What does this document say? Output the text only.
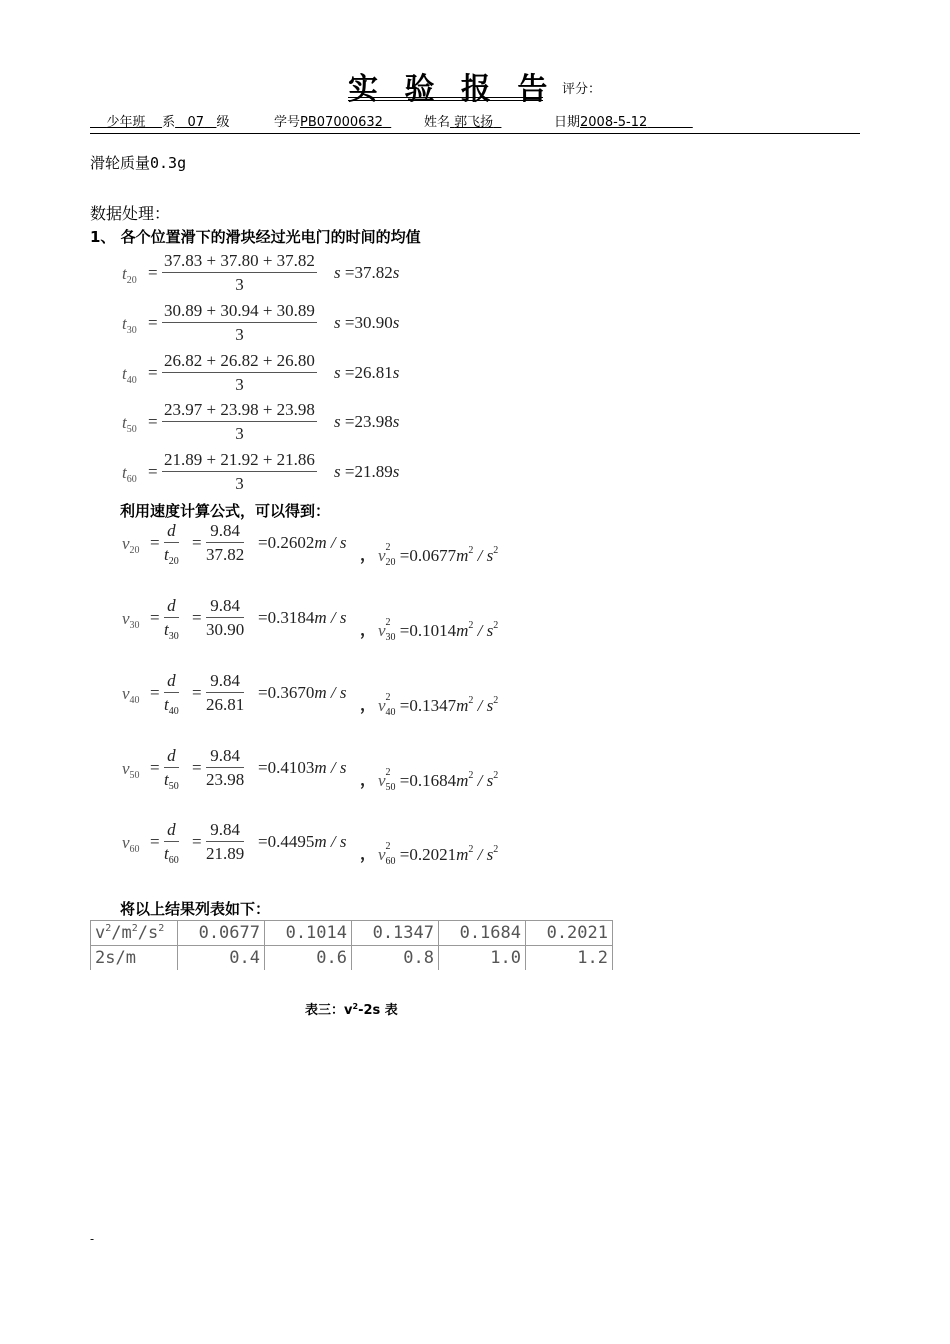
实 验 报 告 评分：
少年班 系 07 级	学号PB07000632	姓名 郭飞扬	日期2008-5-12
滑轮质量0.3g
数据处理：
1、 各个位置滑下的滑块经过光电门的时间的均值
$t_{20} = \frac{37.83 + 37.80 + 37.82}{3}$ s =37.82s
$t_{30} = \frac{30.89 + 30.94 + 30.89}{3}$ s =30.90s
$t_{40} = \frac{26.82 + 26.82 + 26.80}{3}$ s =26.81s
$t_{50} = \frac{23.97 + 23.98 + 23.98}{3}$ s =23.98s
$t_{60} = \frac{21.89 + 21.92 + 21.86}{3}$ s =21.89s
利用速度计算公式，可以得到：
$v_{20} = \frac{d}{t_{20}} = \frac{9.84}{37.82} =0.2602m / s$
， v 2
$_{20} =0.0677m^2 / s^2$
$v_{30} = \frac{d}{t_{30}} = \frac{9.84}{30.90} =0.3184m / s$
， v 2
$_{30} =0.1014m^2 / s^2$
$v_{40} = \frac{d}{t_{40}} = \frac{9.84}{26.81} =0.3670m / s$
， v 2
$_{40} =0.1347m^2 / s^2$
$v_{50} = \frac{d}{t_{50}} = \frac{9.84}{23.98} =0.4103m / s$
， v 2
$_{50} =0.1684m^2 / s^2$
$v_{60} = \frac{d}{t_{60}} = \frac{9.84}{21.89} =0.4495m / s$
， v 2
$_{60} =0.2021m^2 / s^2$
将以上结果列表如下：
$v^2/m^2/s^2$	0.0677	0.1014	0.1347	0.1684	0.2021
2s/m	0.4	0.6	0.8	1.0	1.2
表三：$v^2-2s$ 表
-
